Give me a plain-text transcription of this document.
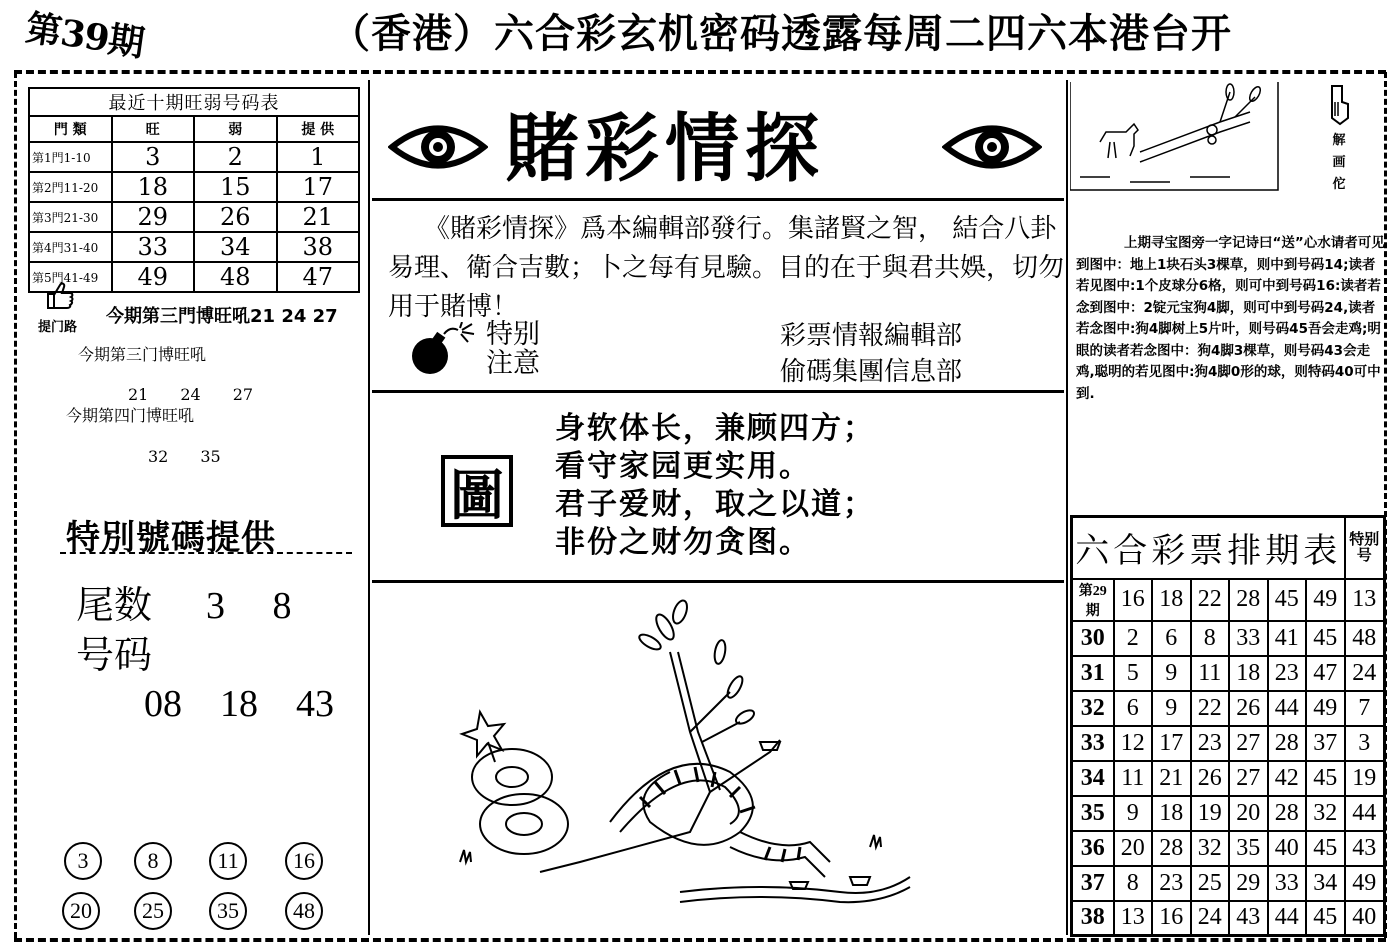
第39期	（香港）六合彩玄机密码透露每周二四六本港台开
最近十期旺弱号码表			
門 類	旺	弱	提 供
第1門1-10	3	2	1
第2門11-20	18	15	17
第3門21-30	29	26	21
第4門31-40	33	34	38
第5門41-49	49	48	47
提门路
今期第三門博旺吼21 24 27
今期第三门博旺吼
21　　24　　27
今期第四门博旺吼
32　　35
特別號碼提供
尾数 3　 8
号码
08　18　43
3	8	11	16
20	25	35	48
賭彩情探
《賭彩情探》爲本編輯部發行。集諸賢之智， 結合八卦易理、衛合吉數；卜之每有見驗。目的在于與君共娛，切勿用于賭博！
特别
注意
彩票情報編輯部
偷碼集團信息部
圖
身软体长，兼顾四方；
看守家园更实用。
君子爱财，取之以道；
非份之财勿贪图。
解
画
佗
上期寻宝图旁一字记诗曰“送”心水请者可见到图中：地上1块石头3棵草，则中到号码14;读者若见图中:1个皮球分6格，则可中到号码16:读者若念到图中：2锭元宝狗4脚，则可中到号码24,读者若念图中:狗4脚树上5片叶，则号码45吾会走鸡;明眼的读者若念图中：狗4脚3棵草，则号码43会走鸡,聪明的若见图中:狗4脚0形的球，则特码40可中到.
六合彩票排期表							特别号
第29期	16	18	22	28	45	49	13
30	2	6	8	33	41	45	48
31	5	9	11	18	23	47	24
32	6	9	22	26	44	49	7
33	12	17	23	27	28	37	3
34	11	21	26	27	42	45	19
35	9	18	19	20	28	32	44
36	20	28	32	35	40	45	43
37	8	23	25	29	33	34	49
38	13	16	24	43	44	45	40
